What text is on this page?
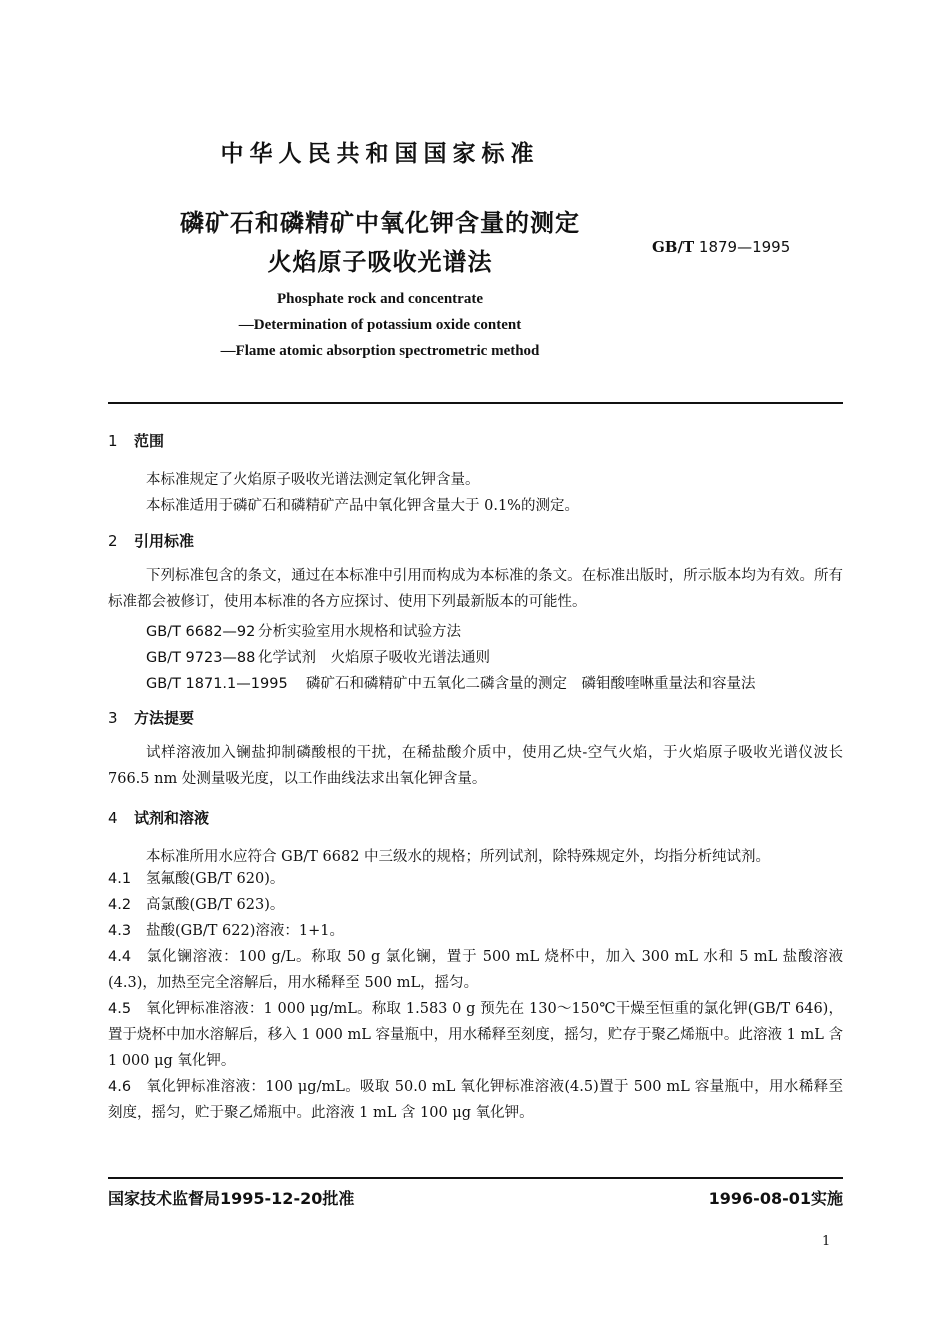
中华人民共和国国家标准
磷矿石和磷精矿中氧化钾含量的测定
火焰原子吸收光谱法
GB/T 1879—1995
Phosphate rock and concentrate
—Determination of potassium oxide content
—Flame atomic absorption spectrometric method
1 范围
本标准规定了火焰原子吸收光谱法测定氧化钾含量。
本标准适用于磷矿石和磷精矿产品中氧化钾含量大于 0.1%的测定。
2 引用标准
下列标准包含的条文，通过在本标准中引用而构成为本标准的条文。在标准出版时，所示版本均为有效。所有标准都会被修订，使用本标准的各方应探讨、使用下列最新版本的可能性。
GB/T 6682—92 分析实验室用水规格和试验方法
GB/T 9723—88 化学试剂　火焰原子吸收光谱法通则
GB/T 1871.1—1995 磷矿石和磷精矿中五氧化二磷含量的测定　磷钼酸喹啉重量法和容量法
3 方法提要
试样溶液加入镧盐抑制磷酸根的干扰，在稀盐酸介质中，使用乙炔-空气火焰，于火焰原子吸收光谱仪波长 766.5 nm 处测量吸光度，以工作曲线法求出氧化钾含量。
4 试剂和溶液
本标准所用水应符合 GB/T 6682 中三级水的规格；所列试剂，除特殊规定外，均指分析纯试剂。
4.1 氢氟酸(GB/T 620)。
4.2 高氯酸(GB/T 623)。
4.3 盐酸(GB/T 622)溶液：1+1。
4.4 氯化镧溶液：100 g/L。称取 50 g 氯化镧，置于 500 mL 烧杯中，加入 300 mL 水和 5 mL 盐酸溶液(4.3)，加热至完全溶解后，用水稀释至 500 mL，摇匀。
4.5 氧化钾标准溶液：1 000 μg/mL。称取 1.583 0 g 预先在 130～150℃干燥至恒重的氯化钾(GB/T 646)，置于烧杯中加水溶解后，移入 1 000 mL 容量瓶中，用水稀释至刻度，摇匀，贮存于聚乙烯瓶中。此溶液 1 mL 含 1 000 μg 氧化钾。
4.6 氧化钾标准溶液：100 μg/mL。吸取 50.0 mL 氧化钾标准溶液(4.5)置于 500 mL 容量瓶中，用水稀释至刻度，摇匀，贮于聚乙烯瓶中。此溶液 1 mL 含 100 μg 氧化钾。
国家技术监督局1995-12-20批准	1996-08-01实施
1
